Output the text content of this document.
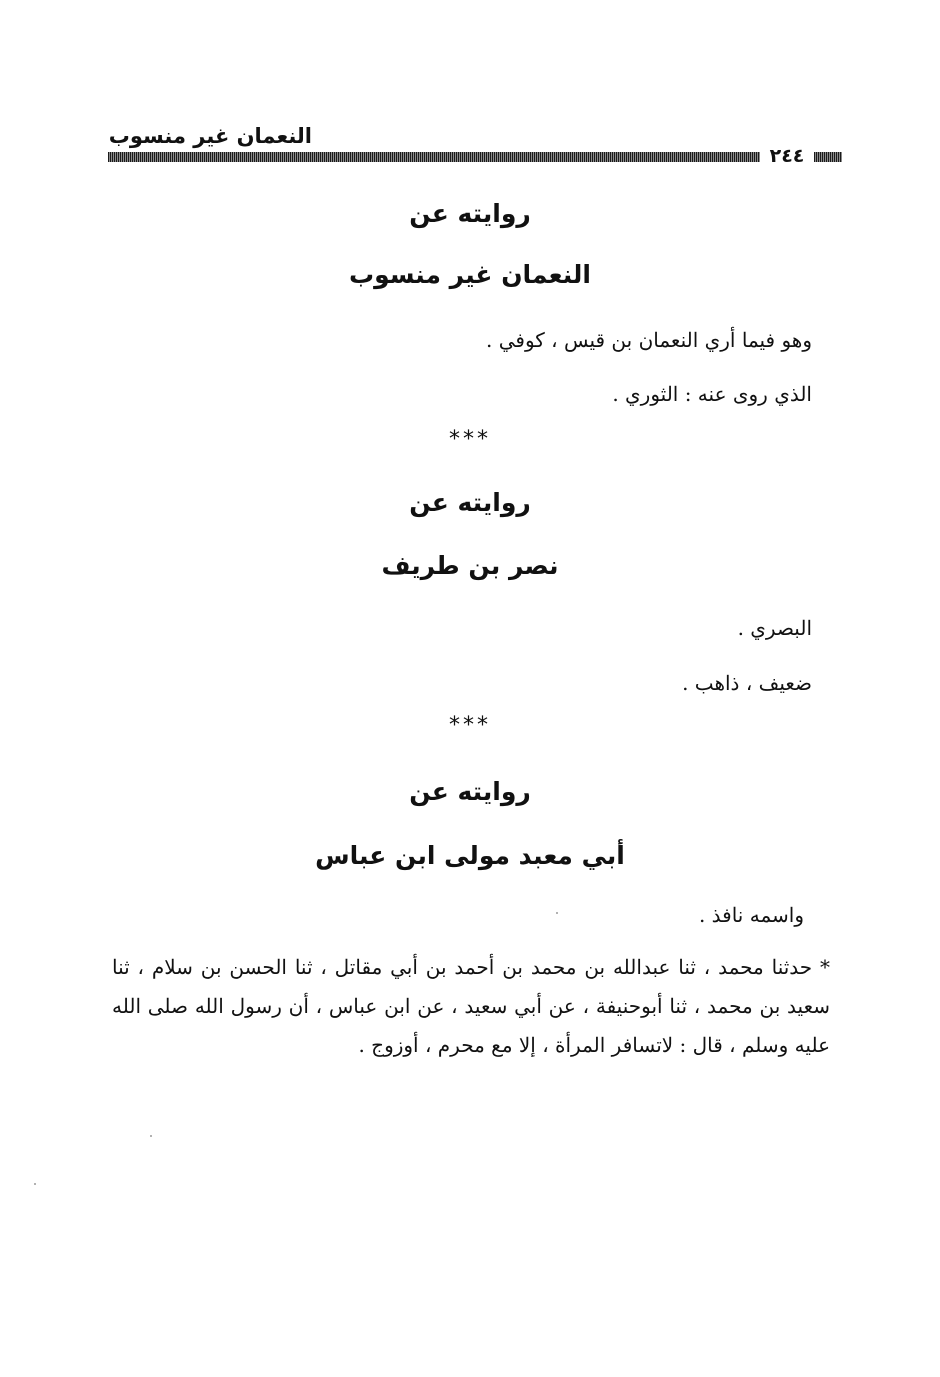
النعمان غير منسوب
٢٤٤
روايته عن
النعمان غير منسوب
وهو فيما أري النعمان بن قيس ، كوفي .
الذي روى عنه : الثوري .
***
روايته عن
نصر بن طريف
البصري .
ضعيف ، ذاهب .
***
روايته عن
أبي معبد مولى ابن عباس
واسمه نافذ .
* حدثنا محمد ، ثنا عبدالله بن محمد بن أحمد بن أبي مقاتل ، ثنا الحسن بن سلام ، ثنا سعيد بن محمد ، ثنا أبوحنيفة ، عن أبي سعيد ، عن ابن عباس ، أن رسول الله صلى الله عليه وسلم ، قال : لاتسافر المرأة ، إلا مع محرم ، أوزوج .
